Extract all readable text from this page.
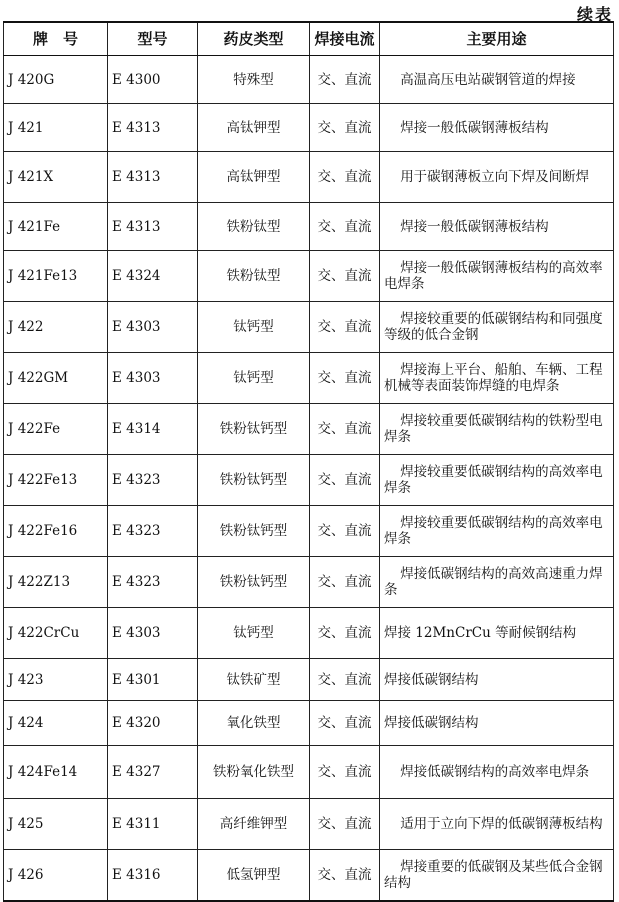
续表
牌　号	型号	药皮类型	焊接电流	主要用途
J 420G	E 4300	特殊型	交、直流	高温高压电站碳钢管道的焊接
J 421	E 4313	高钛钾型	交、直流	焊接一般低碳钢薄板结构
J 421X	E 4313	高钛钾型	交、直流	用于碳钢薄板立向下焊及间断焊
J 421Fe	E 4313	铁粉钛型	交、直流	焊接一般低碳钢薄板结构
J 421Fe13	E 4324	铁粉钛型	交、直流	焊接一般低碳钢薄板结构的高效率电焊条
J 422	E 4303	钛钙型	交、直流	焊接较重要的低碳钢结构和同强度等级的低合金钢
J 422GM	E 4303	钛钙型	交、直流	焊接海上平台、船舶、车辆、工程机械等表面装饰焊缝的电焊条
J 422Fe	E 4314	铁粉钛钙型	交、直流	焊接较重要低碳钢结构的铁粉型电焊条
J 422Fe13	E 4323	铁粉钛钙型	交、直流	焊接较重要低碳钢结构的高效率电焊条
J 422Fe16	E 4323	铁粉钛钙型	交、直流	焊接较重要低碳钢结构的高效率电焊条
J 422Z13	E 4323	铁粉钛钙型	交、直流	焊接低碳钢结构的高效高速重力焊条
J 422CrCu	E 4303	钛钙型	交、直流	焊接 12MnCrCu 等耐候钢结构
J 423	E 4301	钛铁矿型	交、直流	焊接低碳钢结构
J 424	E 4320	氧化铁型	交、直流	焊接低碳钢结构
J 424Fe14	E 4327	铁粉氧化铁型	交、直流	焊接低碳钢结构的高效率电焊条
J 425	E 4311	高纤维钾型	交、直流	适用于立向下焊的低碳钢薄板结构
J 426	E 4316	低氢钾型	交、直流	焊接重要的低碳钢及某些低合金钢结构
